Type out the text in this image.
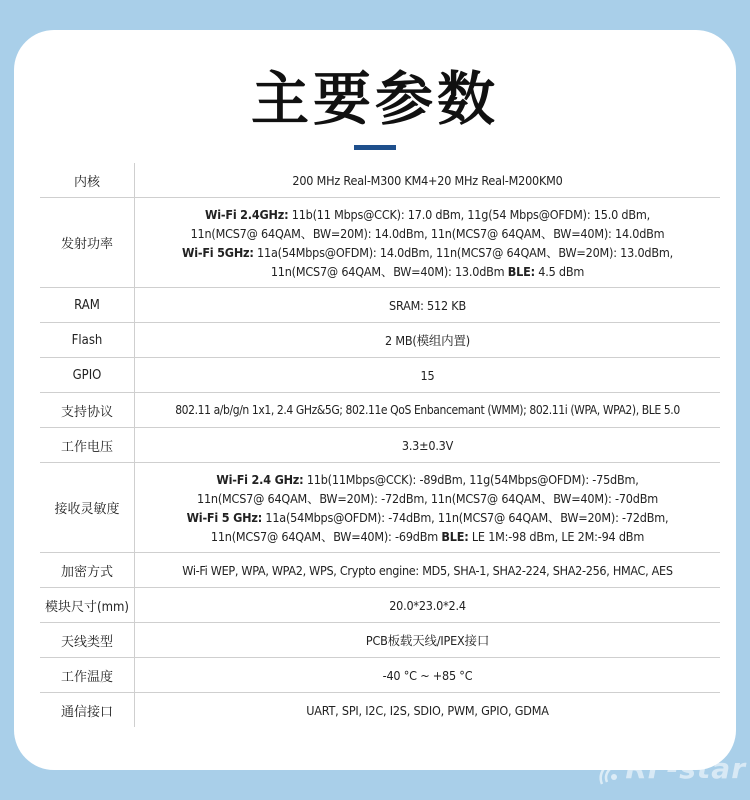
主要参数
内核	200 MHz Real-M300 KM4+20 MHz Real-M200KM0
发射功率	Wi-Fi 2.4GHz: 11b(11 Mbps@CCK): 17.0 dBm, 11g(54 Mbps@OFDM): 15.0 dBm,
11n(MCS7@ 64QAM、BW=20M): 14.0dBm, 11n(MCS7@ 64QAM、BW=40M): 14.0dBm
Wi-Fi 5GHz: 11a(54Mbps@OFDM): 14.0dBm, 11n(MCS7@ 64QAM、BW=20M): 13.0dBm,
11n(MCS7@ 64QAM、BW=40M): 13.0dBm BLE: 4.5 dBm

RAM	SRAM: 512 KB
Flash	2 MB(模组内置)
GPIO	15
支持协议	802.11 a/b/g/n 1x1, 2.4 GHz&5G; 802.11e QoS Enbancemant (WMM); 802.11i (WPA, WPA2), BLE 5.0
工作电压	3.3±0.3V
接收灵敏度	Wi-Fi 2.4 GHz: 11b(11Mbps@CCK): -89dBm, 11g(54Mbps@OFDM): -75dBm,
11n(MCS7@ 64QAM、BW=20M): -72dBm, 11n(MCS7@ 64QAM、BW=40M): -70dBm
Wi-Fi 5 GHz: 11a(54Mbps@OFDM): -74dBm, 11n(MCS7@ 64QAM、BW=20M): -72dBm,
11n(MCS7@ 64QAM、BW=40M): -69dBm BLE: LE 1M:-98 dBm, LE 2M:-94 dBm

加密方式	Wi-Fi WEP, WPA, WPA2, WPS, Crypto engine: MD5, SHA-1, SHA2-224, SHA2-256, HMAC, AES
模块尺寸(mm)	20.0*23.0*2.4
天线类型	PCB板载天线/IPEX接口
工作温度	-40 °C ~ +85 °C
通信接口	UART, SPI, I2C, I2S, SDIO, PWM, GPIO, GDMA
RF-star
